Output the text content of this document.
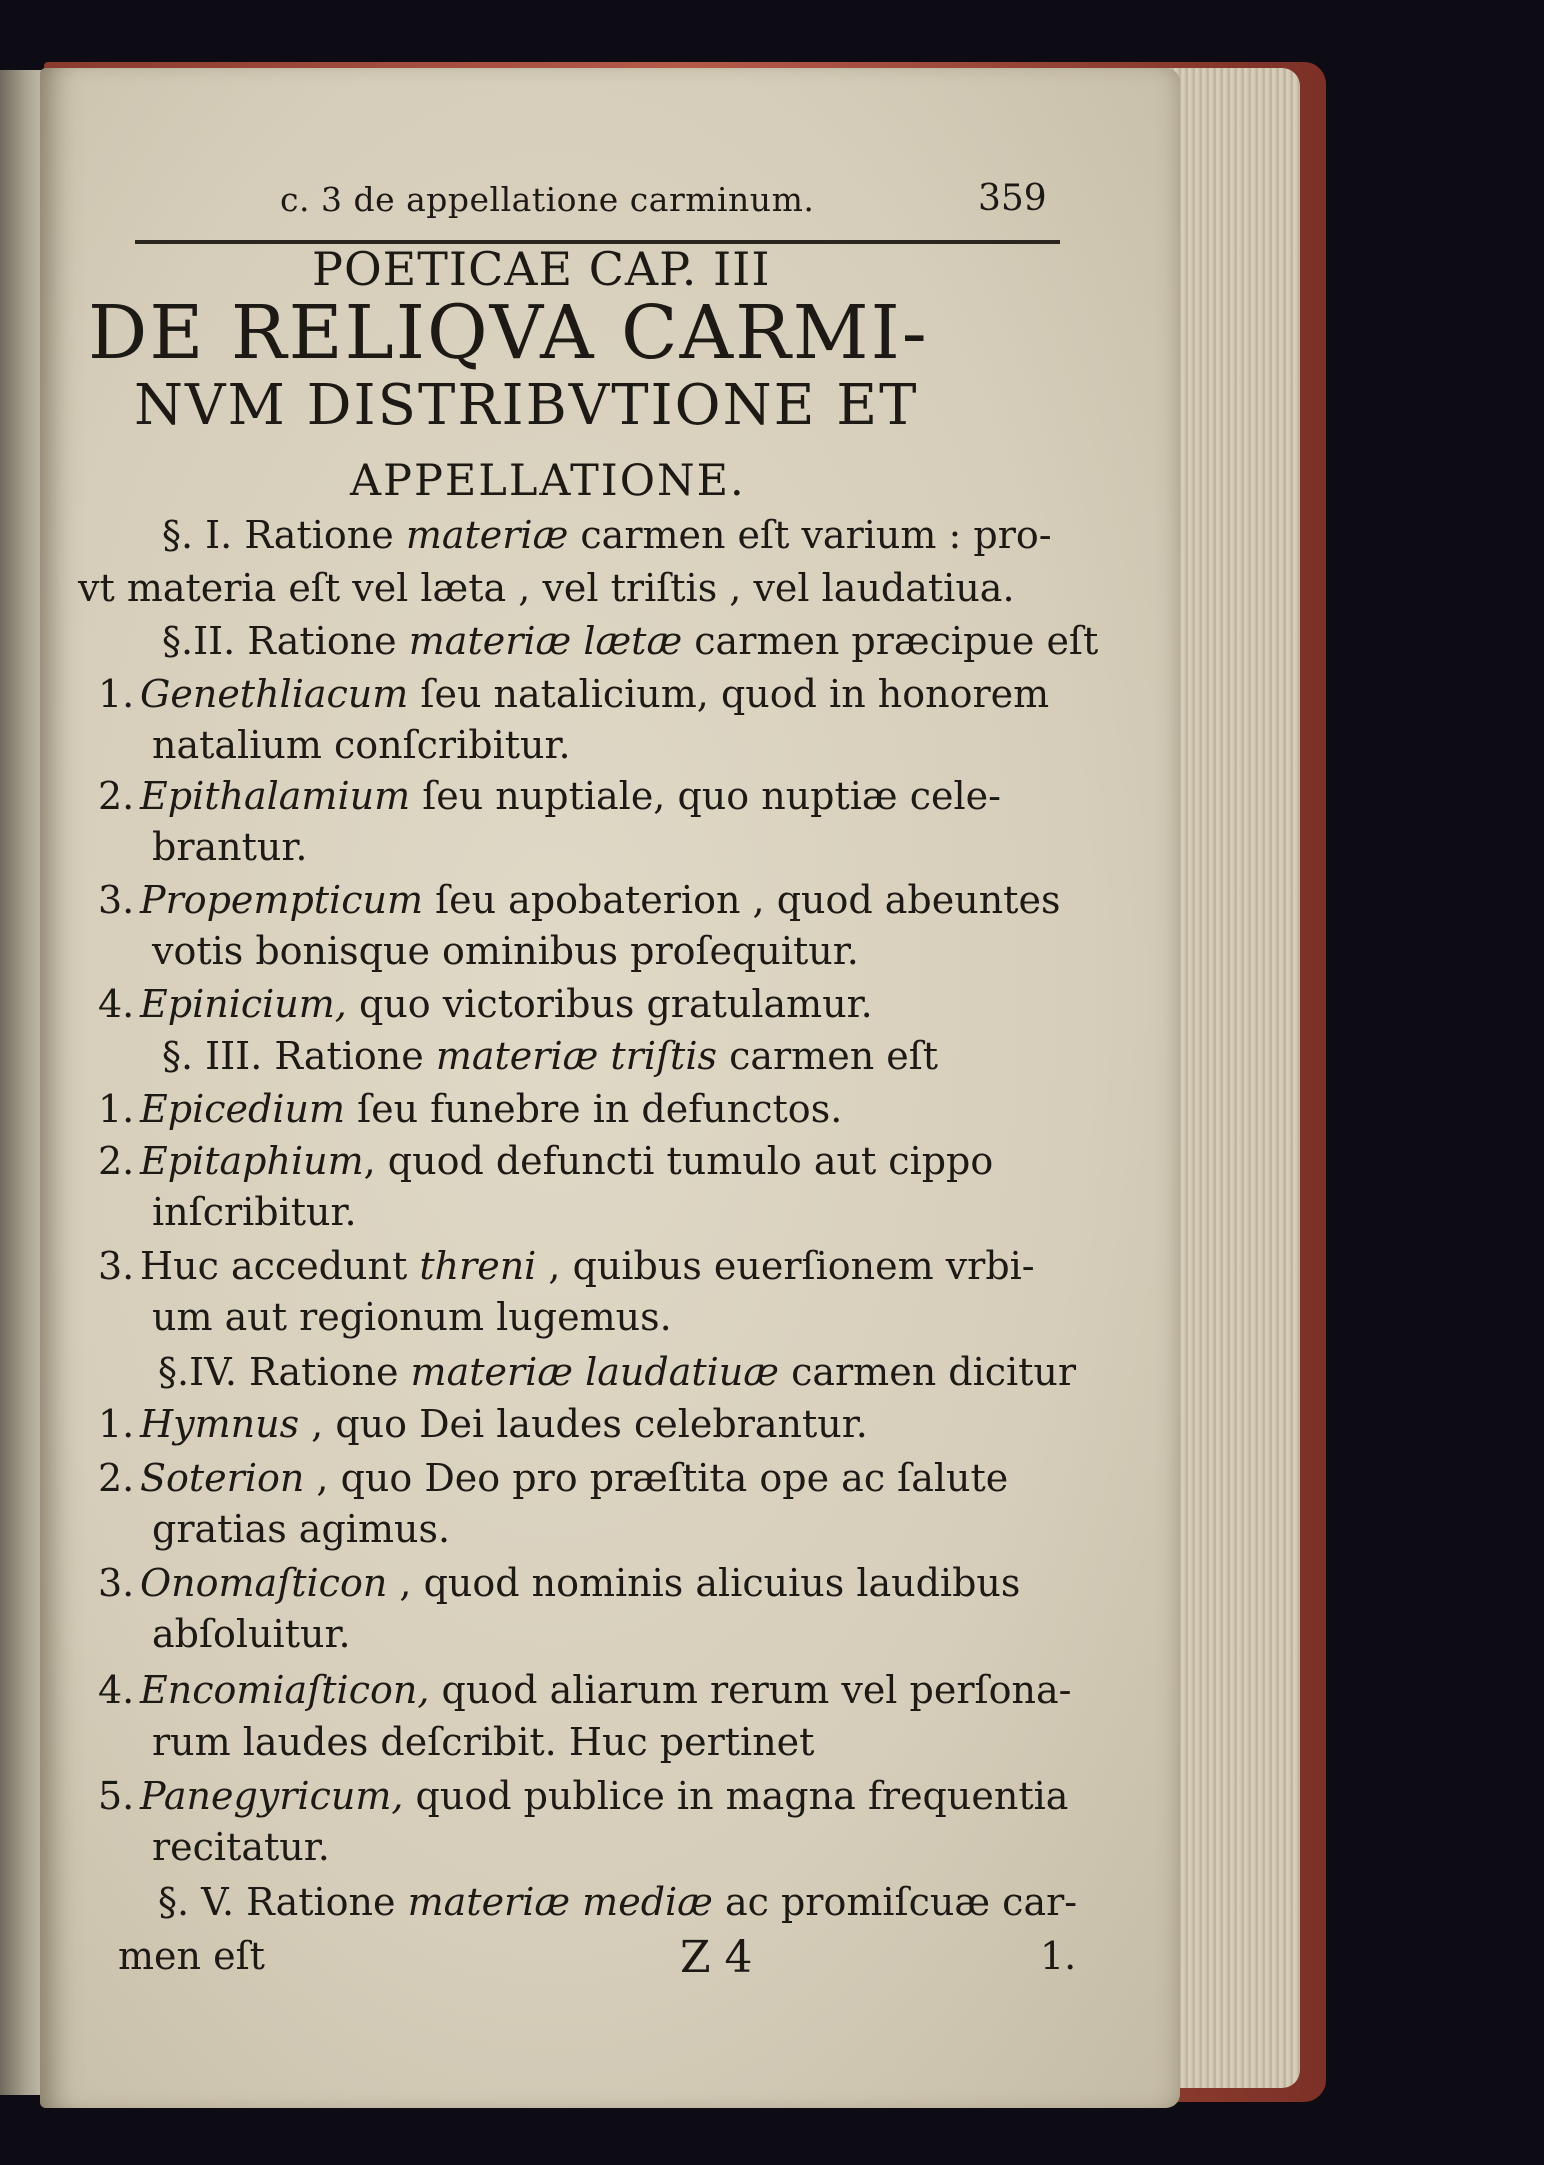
c. 3 de appellatione carminum.	359
POETICAE CAP. III
DE RELIQVA CARMI-
NVM DISTRIBVTIONE ET
APPELLATIONE.
§. I. Ratione materiæ carmen eſt varium : pro-
vt materia eſt vel læta , vel triſtis , vel laudatiua.
§.II. Ratione materiæ lætæ carmen præcipue eſt
1. Genethliacum ſeu natalicium, quod in honorem
natalium conſcribitur.
2. Epithalamium ſeu nuptiale, quo nuptiæ cele-
brantur.
3. Propempticum ſeu apobaterion , quod abeuntes
votis bonisque ominibus proſequitur.
4. Epinicium, quo victoribus gratulamur.
§. III. Ratione materiæ triſtis carmen eſt
1. Epicedium ſeu funebre in defunctos.
2. Epitaphium, quod defuncti tumulo aut cippo
inſcribitur.
3. Huc accedunt threni , quibus euerſionem vrbi-
um aut regionum lugemus.
§.IV. Ratione materiæ laudatiuæ carmen dicitur
1. Hymnus , quo Dei laudes celebrantur.
2. Soterion , quo Deo pro præſtita ope ac ſalute
gratias agimus.
3. Onomaſticon , quod nominis alicuius laudibus
abſoluitur.
4. Encomiaſticon, quod aliarum rerum vel perſona-
rum laudes deſcribit. Huc pertinet
5. Panegyricum, quod publice in magna frequentia
recitatur.
§. V. Ratione materiæ mediæ ac promiſcuæ car-
men eſt	Z 4	1.
